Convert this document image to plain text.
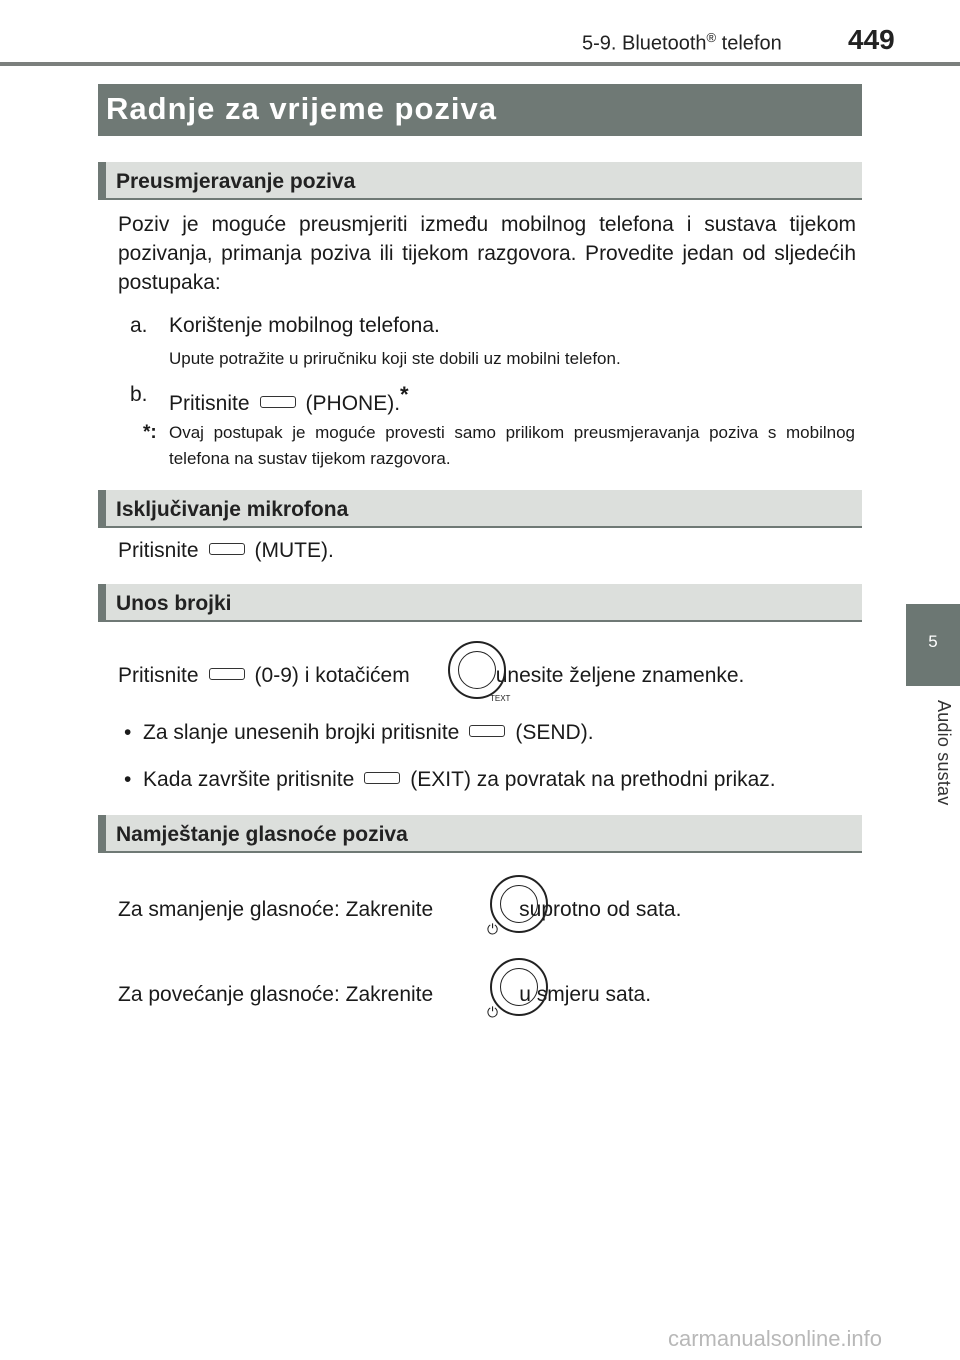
5-9. Bluetooth® telefon 449
5
Audio sustav
Radnje za vrijeme poziva
Preusmjeravanje poziva
Poziv je moguće preusmjeriti između mobilnog telefona i sustava tijekom pozivanja, primanja poziva ili tijekom razgovora. Provedite jedan od sljedećih postupaka:
a. Korištenje mobilnog telefona.
Upute potražite u priručniku koji ste dobili uz mobilni telefon.
b. Pritisnite	(PHONE).*
*: Ovaj postupak je moguće provesti samo prilikom preusmjeravanja poziva s mobilnog telefona na sustav tijekom razgovora.
Isključivanje mikrofona
Pritisnite	(MUTE).
Unos brojki
Pritisnite	(0-9) i kotačićem	unesite željene znamenke.
TEXT
•  Za slanje unesenih brojki pritisnite	(SEND).
•  Kada završite pritisnite	(EXIT) za povratak na prethodni prikaz.
Namještanje glasnoće poziva
Za smanjenje glasnoće: Zakrenite	suprotno od sata.
⏻
Za povećanje glasnoće: Zakrenite	u smjeru sata.
⏻
carmanualsonline.info
